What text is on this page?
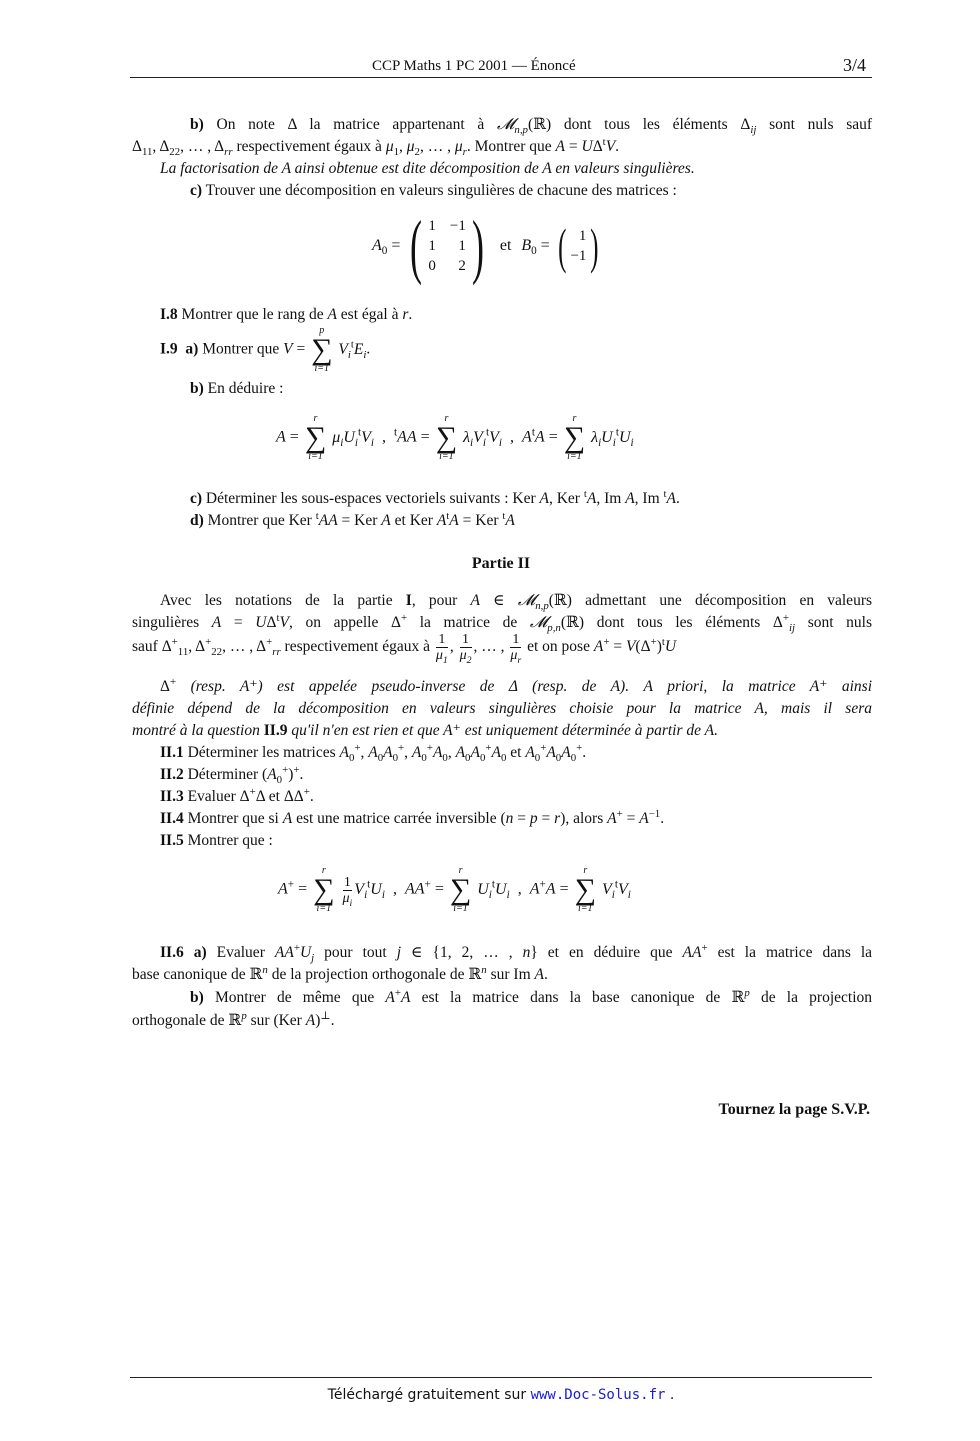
CCP Maths 1 PC 2001 — Énoncé	3/4
b) On note Δ la matrice appartenant à 𝓜$_{n,p}$(ℝ) dont tous les éléments $\Delta_{ij}$ sont nuls sauf
$\Delta_{11}$, $\Delta_{22}$, … , $\Delta_{rr}$ respectivement égaux à $\mu_1$, $\mu_2$, … , $\mu_r$. Montrer que $A = U\Delta^tV$.
La factorisation de A ainsi obtenue est dite décomposition de A en valeurs singulières.
c) Trouver une décomposition en valeurs singulières de chacune des matrices :
$A_0$ = ( 1 −1
1	1
0	2 ) et $B_0$ = ( 1
−1 )
I.8 Montrer que le rang de A est égal à r.
I.9 a) Montrer que V =
p
∑
i=1
$V_i^tE_i$.
b) En déduire :
A =
r
∑
i=1
$\mu_iU_i^tV_i$  ,  $^t$AA =
r
∑
i=1
$\lambda_iV_i^tV_i$  ,  $A^tA$ =
r
∑
i=1
$\lambda_iU_i^tU_i$
c) Déterminer les sous-espaces vectoriels suivants : Ker A, Ker $^t$A, Im A, Im $^t$A.
d) Montrer que Ker $^t$AA = Ker A et Ker $A^tA$ = Ker $^t$A
Partie II
Avec les notations de la partie I, pour A ∈ 𝓜$_{n,p}$(ℝ) admettant une décomposition en valeurs
singulières $A = U\Delta^tV$, on appelle Δ+ la matrice de 𝓜$_{p,n}$(ℝ) dont tous les éléments $\Delta^+_{ij}$ sont nuls
sauf $\Delta^+_{11}$, $\Delta^+_{22}$, … , $\Delta^+_{rr}$ respectivement égaux à $\frac{1}{\mu_1}$ , $\frac{1}{\mu_2}$ , … , $\frac{1}{\mu_r}$ et on pose $A^+ = V(\Delta^+)^tU$
Δ+ (resp. A⁺) est appelée pseudo-inverse de Δ (resp. de A). A priori, la matrice A⁺ ainsi
définie dépend de la décomposition en valeurs singulières choisie pour la matrice A, mais il sera
montré à la question II.9 qu'il n'en est rien et que A⁺ est uniquement déterminée à partir de A.
II.1 Déterminer les matrices $A_0^+$, $A_0A_0^+$, $A_0^+A_0$, $A_0A_0^+A_0$ et $A_0^+A_0A_0^+$.
II.2 Déterminer $(A_0^+)^+$.
II.3 Evaluer Δ+Δ et ΔΔ+.
II.4 Montrer que si A est une matrice carrée inversible (n = p = r), alors $A^+ = A^{-1}$.
II.5 Montrer que :
A+ =
r
∑
i=1

$\frac{1}{\mu_i} V_i^tU_i$  ,  AA+ =
r
∑
i=1
$U_i^tU_i$  ,  A+A =
r
∑
i=1
$V_i^tV_i$
II.6 a) Evaluer $AA^+U_j$ pour tout j ∈ {1, 2, … , n} et en déduire que AA+ est la matrice dans la
base canonique de ℝ$^n$ de la projection orthogonale de ℝ$^n$ sur Im A.
b) Montrer de même que A+A est la matrice dans la base canonique de ℝ$^p$ de la projection
orthogonale de ℝ$^p$ sur (Ker A)⊥.
Tournez la page S.V.P.
Téléchargé gratuitement sur www.Doc-Solus.fr .
